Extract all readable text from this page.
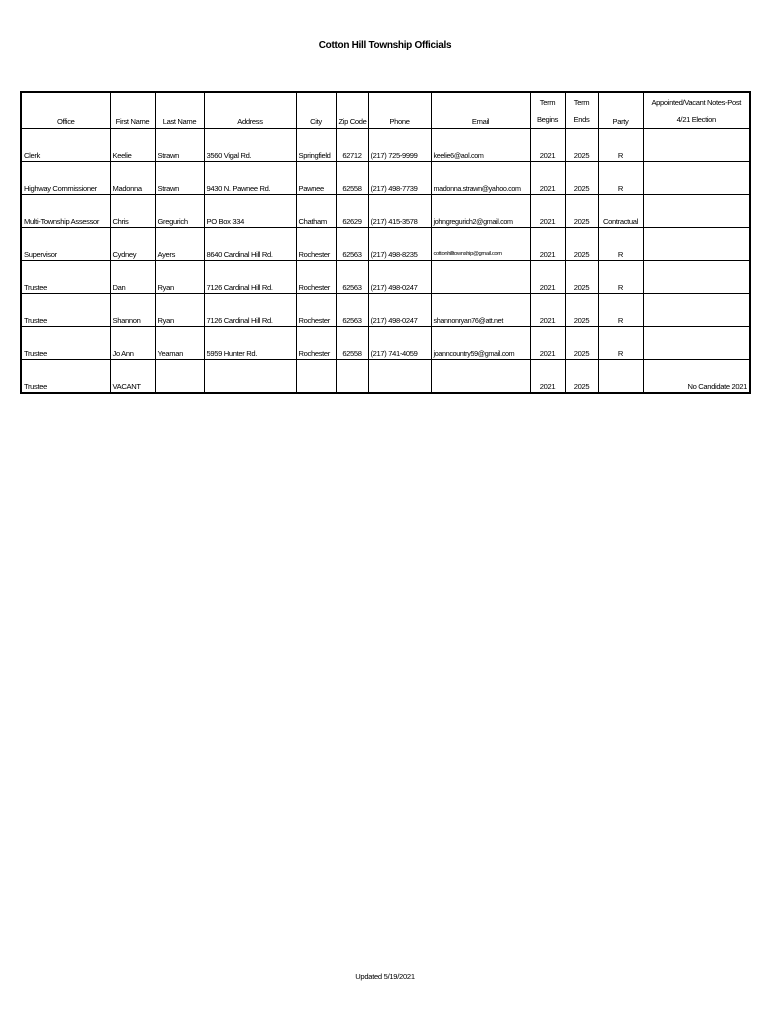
Cotton Hill Township Officials
Office	First Name	Last Name	Address	City	Zip Code	Phone	Email	Term Begins	Term Ends	Party	Appointed/Vacant Notes-Post 4/21 Election
Clerk	Keelie	Strawn	3560 Vigal Rd.	Springfield	62712	(217) 725-9999	keelie6@aol.com	2021	2025	R	
Highway Commissioner	Madonna	Strawn	9430 N. Pawnee Rd.	Pawnee	62558	(217) 498-7739	madonna.strawn@yahoo.com	2021	2025	R	
Multi-Township Assessor	Chris	Gregurich	PO Box 334	Chatham	62629	(217) 415-3578	johngregurich2@gmail.com	2021	2025	Contractual	
Supervisor	Cydney	Ayers	8640 Cardinal Hill Rd.	Rochester	62563	(217) 498-8235	cottonhilltownship@gmail.com	2021	2025	R	
Trustee	Dan	Ryan	7126 Cardinal Hill Rd.	Rochester	62563	(217) 498-0247		2021	2025	R	
Trustee	Shannon	Ryan	7126 Cardinal Hill Rd.	Rochester	62563	(217) 498-0247	shannonryan76@att.net	2021	2025	R	
Trustee	Jo Ann	Yeaman	5959 Hunter Rd.	Rochester	62558	(217) 741-4059	joanncountry59@gmail.com	2021	2025	R	
Trustee	VACANT							2021	2025		No Candidate 2021
Updated 5/19/2021
